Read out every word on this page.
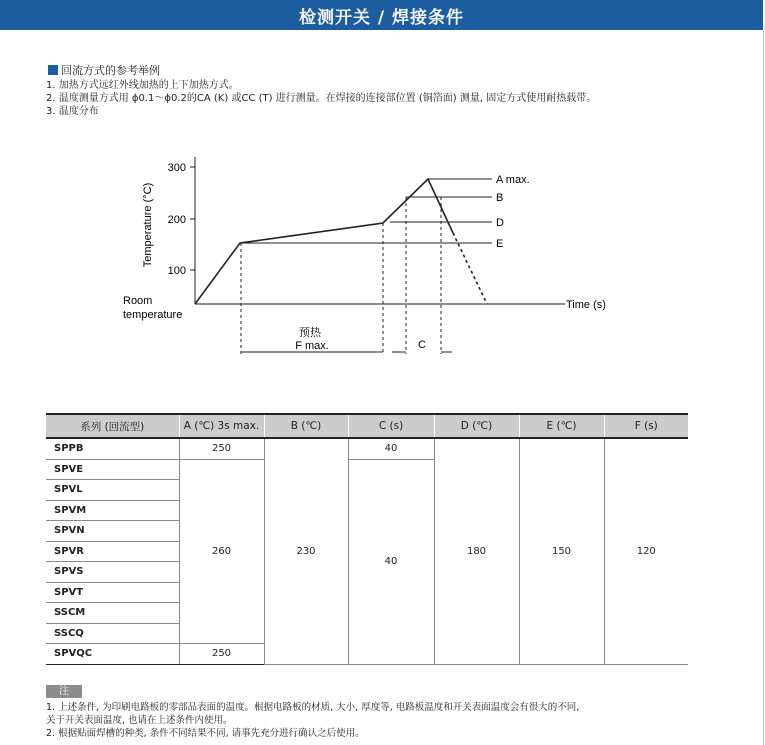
检测开关 / 焊接条件
回流方式的参考举例
1. 加热方式远红外线加热的上下加热方式。
2. 温度测量方式用 ϕ0.1～ϕ0.2的CA (K) 或CC (T) 进行测量。在焊接的连接部位置 (铜箔面) 测量, 固定方式使用耐热载带。
3. 温度分布
300
200
100
Temperature (°C)
Room
temperature
Time (s)
A max.
B
D
E
预热
F max.	C
系列 (回流型)	A (℃) 3s max.	B (℃)	C (s)	D (℃)	E (℃)	F (s)
SPPB	250	230	40	180	150	120
SPVE	260		40			
SPVL						
SPVM						
SPVN						
SPVR						
SPVS						
SPVT						
SSCM						
SSCQ						
SPVQC	250					
注
1. 上述条件, 为印刷电路板的零部品表面的温度。根据电路板的材质, 大小, 厚度等, 电路板温度和开关表面温度会有很大的不同,
关于开关表面温度, 也请在上述条件内使用。
2. 根据贴面焊槽的种类, 条件不同结果不同, 请事先充分进行确认之后使用。
